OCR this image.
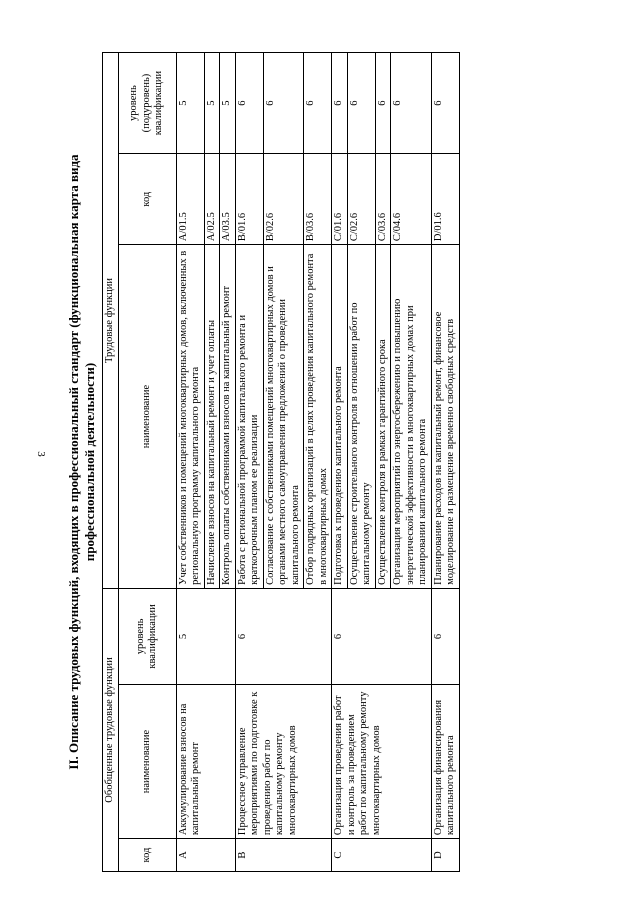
3 II. Описание трудовых функций, входящих в профессиональный стандарт (функциональная карта вида профессиональной деятельности)
Обобщенные трудовые функции			Трудовые функции		
код	наименование	уровень квалификации	наименование	код	уровень (подуровень) квалификации
A	Аккумулирование взносов на капитальный ремонт	5	Учет собственников и помещений многоквартирных домов, включенных в региональную программу капитального ремонта	A/01.5	5
			Начисление взносов на капитальный ремонт и учет оплаты	A/02.5	5
			Контроль оплаты собственниками взносов на капитальный ремонт	A/03.5	5
B	Процессное управление мероприятиями по подготовке к проведению работ по капитальному ремонту многоквартирных домов	6	Работа с региональной программой капитального ремонта и краткосрочным планом ее реализации	B/01.6	6
			Согласование с собственниками помещений многоквартирных домов и органами местного самоуправления предложений о проведении капитального ремонта	B/02.6	6
			Отбор подрядных организаций в целях проведения капитального ремонта в многоквартирных домах	B/03.6	6
C	Организация проведения работ и контроль за проведением работ по капитальному ремонту многоквартирных домов	6	Подготовка к проведению капитального ремонта	C/01.6	6
			Осуществление строительного контроля в отношении работ по капитальному ремонту	C/02.6	6
			Осуществление контроля в рамках гарантийного срока	C/03.6	6
			Организация мероприятий по энергосбережению и повышению энергетической эффективности в многоквартирных домах при планировании капитального ремонта	C/04.6	6
D	Организация финансирования капитального ремонта	6	Планирование расходов на капитальный ремонт, финансовое моделирование и размещение временно свободных средств	D/01.6	6
